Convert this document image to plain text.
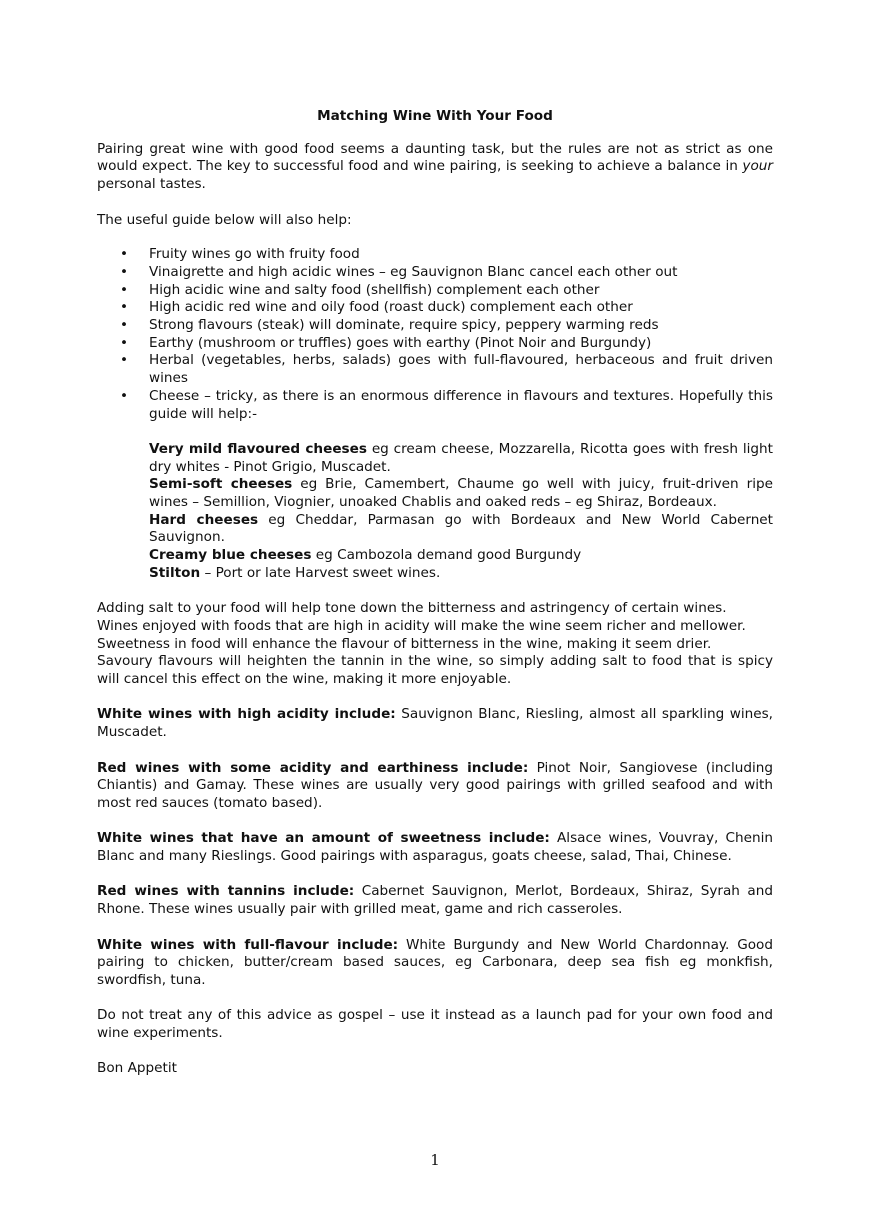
Matching Wine With Your Food

Pairing great wine with good food seems a daunting task, but the rules are not as strict as one would expect. The key to successful food and wine pairing, is seeking to achieve a balance in your personal tastes.

The useful guide below will also help:

• Fruity wines go with fruity food
• Vinaigrette and high acidic wines – eg Sauvignon Blanc cancel each other out
• High acidic wine and salty food (shellfish) complement each other
• High acidic red wine and oily food (roast duck) complement each other
• Strong flavours (steak) will dominate, require spicy, peppery warming reds
• Earthy (mushroom or truffles) goes with earthy (Pinot Noir and Burgundy)
• Herbal (vegetables, herbs, salads) goes with full-flavoured, herbaceous and fruit driven wines
• Cheese – tricky, as there is an enormous difference in flavours and textures. Hopefully this guide will help:-
Very mild flavoured cheeses eg cream cheese, Mozzarella, Ricotta goes with fresh light dry whites - Pinot Grigio, Muscadet.
Semi-soft cheeses eg Brie, Camembert, Chaume go well with juicy, fruit-driven ripe wines – Semillion, Viognier, unoaked Chablis and oaked reds – eg Shiraz, Bordeaux.
Hard cheeses eg Cheddar, Parmasan go with Bordeaux and New World Cabernet Sauvignon.
Creamy blue cheeses eg Cambozola demand good Burgundy
Stilton – Port or late Harvest sweet wines.

Adding salt to your food will help tone down the bitterness and astringency of certain wines.

Wines enjoyed with foods that are high in acidity will make the wine seem richer and mellower.

Sweetness in food will enhance the flavour of bitterness in the wine, making it seem drier.

Savoury flavours will heighten the tannin in the wine, so simply adding salt to food that is spicy will cancel this effect on the wine, making it more enjoyable.

White wines with high acidity include: Sauvignon Blanc, Riesling, almost all sparkling wines, Muscadet.

Red wines with some acidity and earthiness include: Pinot Noir, Sangiovese (including Chiantis) and Gamay. These wines are usually very good pairings with grilled seafood and with most red sauces (tomato based).

White wines that have an amount of sweetness include: Alsace wines, Vouvray, Chenin Blanc and many Rieslings. Good pairings with asparagus, goats cheese, salad, Thai, Chinese.

Red wines with tannins include: Cabernet Sauvignon, Merlot, Bordeaux, Shiraz, Syrah and Rhone. These wines usually pair with grilled meat, game and rich casseroles.

White wines with full-flavour include: White Burgundy and New World Chardonnay. Good pairing to chicken, butter/cream based sauces, eg Carbonara, deep sea fish eg monkfish, swordfish, tuna.

Do not treat any of this advice as gospel – use it instead as a launch pad for your own food and wine experiments.

Bon Appetit

1
